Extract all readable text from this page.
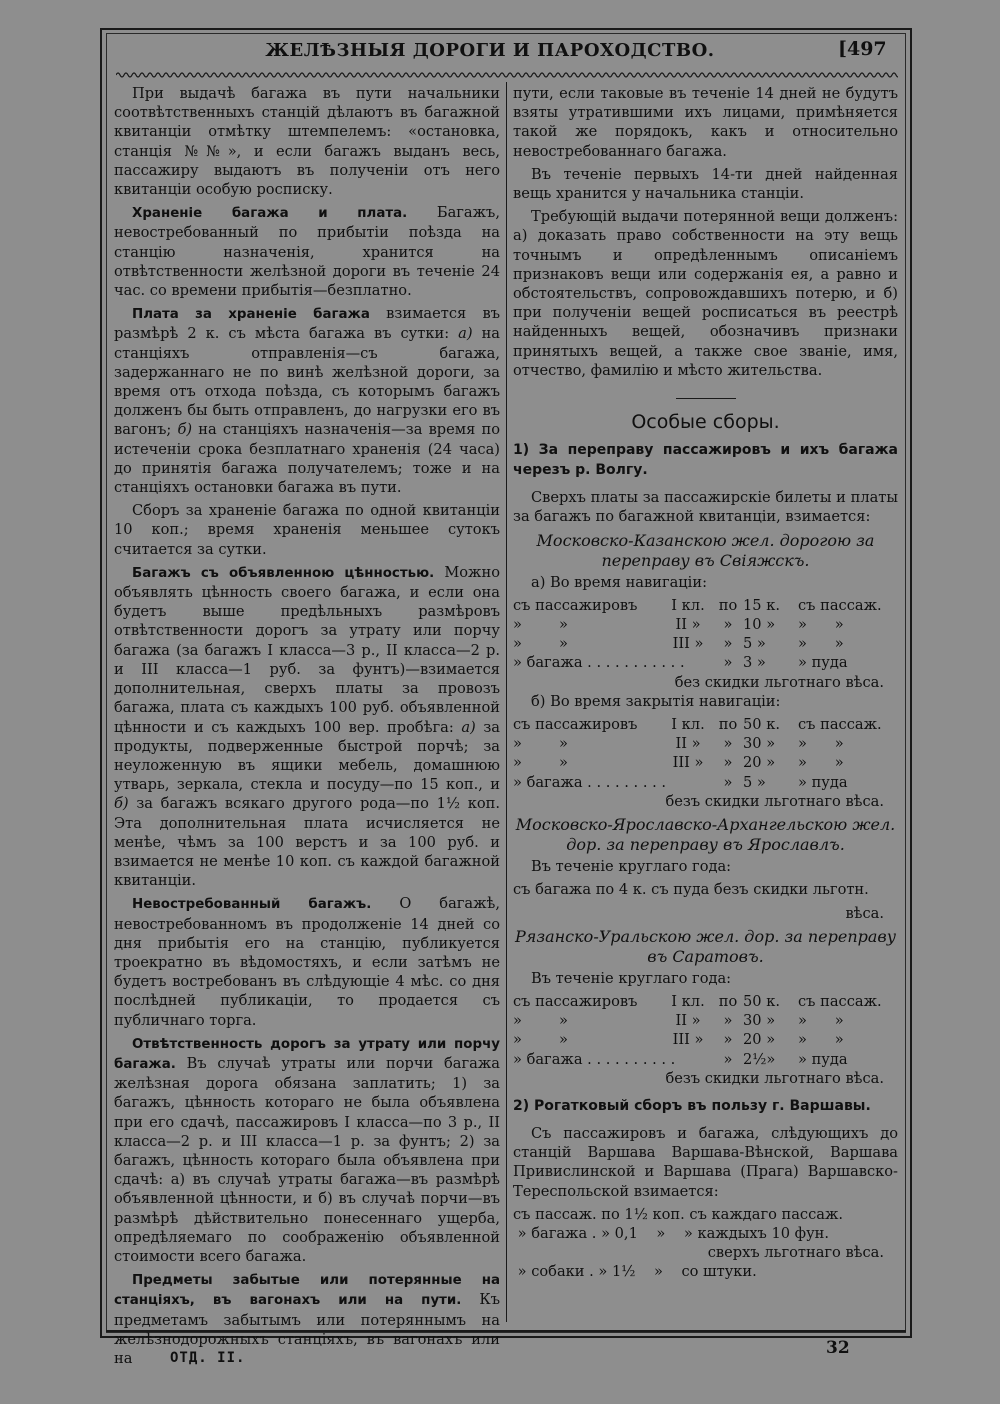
ЖЕЛѢЗНЫЯ ДОРОГИ И ПАРОХОДСТВО.	[497

При выдачѣ багажа въ пути начальники соотвѣтственныхъ станцій дѣлаютъ въ багажной квитанціи отмѣтку штемпелемъ: «остановка, станція №№», и если багажъ выданъ весь, пассажиру выдаютъ въ полученіи отъ него квитанціи особую росписку.

Храненіе багажа и плата. Багажъ, невостребованный по прибытіи поѣзда на станцію назначенія, хранится на отвѣтственности желѣзной дороги въ теченіе 24 час. со времени прибытія—безплатно.

Плата за храненіе багажа взимается въ размѣрѣ 2 к. съ мѣста багажа въ сутки: а) на станціяхъ отправленія—съ багажа, задержаннаго не по винѣ желѣзной дороги, за время отъ отхода поѣзда, съ которымъ багажъ долженъ бы быть отправленъ, до нагрузки его въ вагонъ; б) на станціяхъ назначенія—за время по истеченіи срока безплатнаго храненія (24 часа) до принятія багажа получателемъ; тоже и на станціяхъ остановки багажа въ пути.

Сборъ за храненіе багажа по одной квитанціи 10 коп.; время храненія меньшее сутокъ считается за сутки.

Багажъ съ объявленною цѣнностью. Можно объявлять цѣнность своего багажа, и если она будетъ выше предѣльныхъ размѣровъ отвѣтственности дорогъ за утрату или порчу багажа (за багажъ I класса—3 р., II класса—2 р. и III класса—1 руб. за фунтъ)—взимается дополнительная, сверхъ платы за провозъ багажа, плата съ каждыхъ 100 руб. объявленной цѣнности и съ каждыхъ 100 вер. пробѣга: а) за продукты, подверженные быстрой порчѣ; за неуложенную въ ящики мебель, домашнюю утварь, зеркала, стекла и посуду—по 15 коп., и б) за багажъ всякаго другого рода—по 1½ коп. Эта дополнительная плата исчисляется не менѣе, чѣмъ за 100 верстъ и за 100 руб. и взимается не менѣе 10 коп. съ каждой багажной квитанціи.

Невостребованный багажъ. О багажѣ, невостребованномъ въ продолженіе 14 дней со дня прибытія его на станцію, публикуется троекратно въ вѣдомостяхъ, и если затѣмъ не будетъ востребованъ въ слѣдующіе 4 мѣс. со дня послѣдней публикаціи, то продается съ публичнаго торга.

Отвѣтственность дорогъ за утрату или порчу багажа. Въ случаѣ утраты или порчи багажа желѣзная дорога обязана заплатить; 1) за багажъ, цѣнность котораго не была объявлена при его сдачѣ, пассажировъ I класса—по 3 р., II класса—2 р. и III класса—1 р. за фунтъ; 2) за багажъ, цѣнность котораго была объявлена при сдачѣ: а) въ случаѣ утраты багажа—въ размѣрѣ объявленной цѣнности, и б) въ случаѣ порчи—въ размѣрѣ дѣйствительно понесеннаго ущерба, опредѣляемаго по соображенію объявленной стоимости всего багажа.

Предметы забытые или потерянные на станціяхъ, въ вагонахъ или на пути. Къ предметамъ забытымъ или потеряннымъ на желѣзнодорожныхъ станціяхъ, въ вагонахъ или на

пути, если таковые въ теченіе 14 дней не будутъ взяты утратившими ихъ лицами, примѣняется такой же порядокъ, какъ и относительно невостребованнаго багажа.

Въ теченіе первыхъ 14-ти дней найденная вещь хранится у начальника станціи.

Требующій выдачи потерянной вещи долженъ: а) доказать право собственности на эту вещь точнымъ и опредѣленнымъ описаніемъ признаковъ вещи или содержанія ея, а равно и обстоятельствъ, сопровождавшихъ потерю, и б) при полученіи вещей росписаться въ реестрѣ найденныхъ вещей, обозначивъ признаки принятыхъ вещей, а также свое званіе, имя, отчество, фамилію и мѣсто жительства.

Особые сборы.
1) За переправу пассажировъ и ихъ багажа черезъ р. Волгу.

Сверхъ платы за пассажирскіе билеты и платы за багажъ по багажной квитанціи, взимается:

Московско-Казанскою жел. дорогою за переправу въ Свіяжскъ.

а) Во время навигаціи:

съ пассажировъ	I кл. по 15 к.	съ пассаж.
»        »	II »	» 10 »	»      »
»        »	III »	» 5 »	»      »
» багажа . . . . . . . . . . .	» 3 »	» пуда
без скидки льготнаго вѣса.

б) Во время закрытія навигаціи:

съ пассажировъ	I кл. по 50 к.	съ пассаж.
»        »	II »	» 30 »	»      »
»        »	III »	» 20 »	»      »
» багажа . . . . . . . . .	» 5 »	» пуда
безъ скидки льготнаго вѣса.
Московско-Ярославско-Архангельскою жел. дор. за переправу въ Ярославлъ.

Въ теченіе круглаго года:

съ багажа по 4 к. съ пуда безъ скидки льготн.

вѣса.
Рязанско-Уральскою жел. дор. за переправу въ Саратовъ.

Въ теченіе круглаго года:

съ пассажировъ	I кл. по 50 к.	съ пассаж.
»        »	II »	» 30 »	»      »
»        »	III »	» 20 »	»      »
» багажа . . . . . . . . . .	» 2½»	» пуда
безъ скидки льготнаго вѣса.
2) Рогатковый сборъ въ пользу г. Варшавы.

Съ пассажировъ и багажа, слѣдующихъ до станцій Варшава Варшава-Вѣнской, Варшава Привислинской и Варшава (Прага) Варшавско-Тереспольской взимается:

съ пассаж. по 1½ коп. съ каждаго пассаж.
» багажа . » 0,1    »    » каждыхъ 10 фун.
сверхъ льготнаго вѣса.
» собаки . » 1½    »    со штуки.
ОТД. II.	32
